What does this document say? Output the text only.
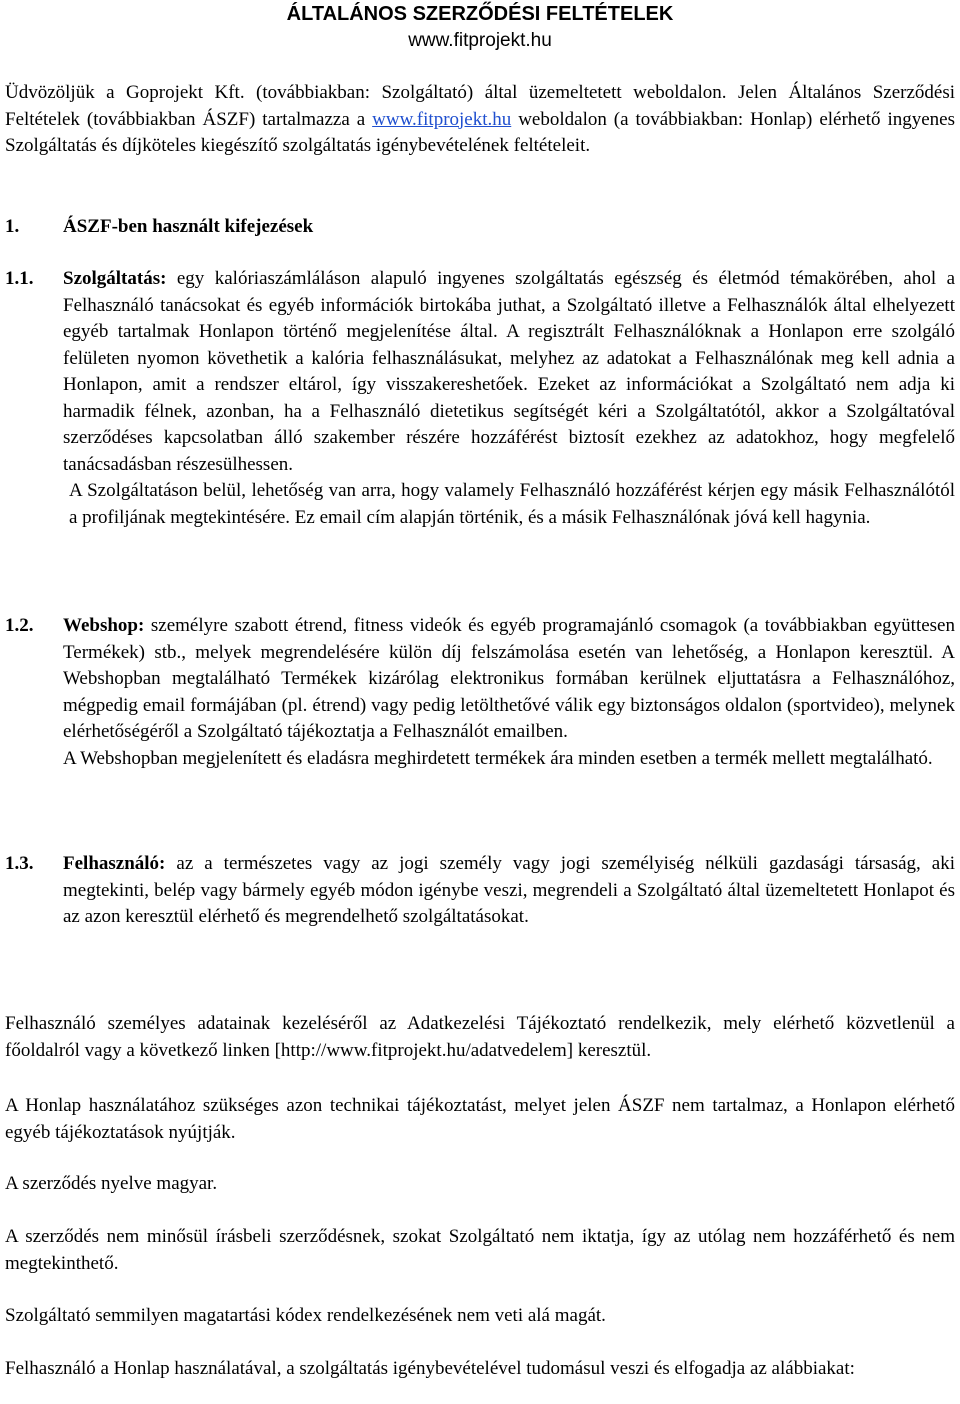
ÁLTALÁNOS SZERZŐDÉSI FELTÉTELEK

www.fitprojekt.hu

Üdvözöljük a Goprojekt Kft. (továbbiakban: Szolgáltató) által üzemeltetett weboldalon. Jelen Általános Szerződési Feltételek (továbbiakban ÁSZF) tartalmazza a www.fitprojekt.hu weboldalon (a továbbiakban: Honlap) elérhető ingyenes Szolgáltatás és díjköteles kiegészítő szolgáltatás igénybevételének feltételeit.

1. ÁSZF-ben használt kifejezések

1.1. Szolgáltatás: egy kalóriaszámláláson alapuló ingyenes szolgáltatás egészség és életmód témakörében, ahol a Felhasználó tanácsokat és egyéb információk birtokába juthat, a Szolgáltató illetve a Felhasználók által elhelyezett egyéb tartalmak Honlapon történő megjelenítése által. A regisztrált Felhasználóknak a Honlapon erre szolgáló felületen nyomon követhetik a kalória felhasználásukat, melyhez az adatokat a Felhasználónak meg kell adnia a Honlapon, amit a rendszer eltárol, így visszakereshetőek. Ezeket az információkat a Szolgáltató nem adja ki harmadik félnek, azonban, ha a Felhasználó dietetikus segítségét kéri a Szolgáltatótól, akkor a Szolgáltatóval szerződéses kapcsolatban álló szakember részére hozzáférést biztosít ezekhez az adatokhoz, hogy megfelelő tanácsadásban részesülhessen.

A Szolgáltatáson belül, lehetőség van arra, hogy valamely Felhasználó hozzáférést kérjen egy másik Felhasználótól a profiljának megtekintésére. Ez email cím alapján történik, és a másik Felhasználónak jóvá kell hagynia.

1.2. Webshop: személyre szabott étrend, fitness videók és egyéb programajánló csomagok (a továbbiakban együttesen Termékek) stb., melyek megrendelésére külön díj felszámolása esetén van lehetőség, a Honlapon keresztül. A Webshopban megtalálható Termékek kizárólag elektronikus formában kerülnek eljuttatásra a Felhasználóhoz, mégpedig email formájában (pl. étrend) vagy pedig letölthetővé válik egy biztonságos oldalon (sportvideo), melynek elérhetőségéről a Szolgáltató tájékoztatja a Felhasználót emailben.

A Webshopban megjelenített és eladásra meghirdetett termékek ára minden esetben a termék mellett megtalálható.

1.3. Felhasználó: az a természetes vagy az jogi személy vagy jogi személyiség nélküli gazdasági társaság, aki megtekinti, belép vagy bármely egyéb módon igénybe veszi, megrendeli a Szolgáltató által üzemeltetett Honlapot és az azon keresztül elérhető és megrendelhető szolgáltatásokat.

Felhasználó személyes adatainak kezeléséről az Adatkezelési Tájékoztató rendelkezik, mely elérhető közvetlenül a főoldalról vagy a következő linken [http://www.fitprojekt.hu/adatvedelem] keresztül.

A Honlap használatához szükséges azon technikai tájékoztatást, melyet jelen ÁSZF nem tartalmaz, a Honlapon elérhető egyéb tájékoztatások nyújtják.

A szerződés nyelve magyar.

A szerződés nem minősül írásbeli szerződésnek, szokat Szolgáltató nem iktatja, így az utólag nem hozzáférhető és nem megtekinthető.

Szolgáltató semmilyen magatartási kódex rendelkezésének nem veti alá magát.

Felhasználó a Honlap használatával, a szolgáltatás igénybevételével tudomásul veszi és elfogadja az alábbiakat:
